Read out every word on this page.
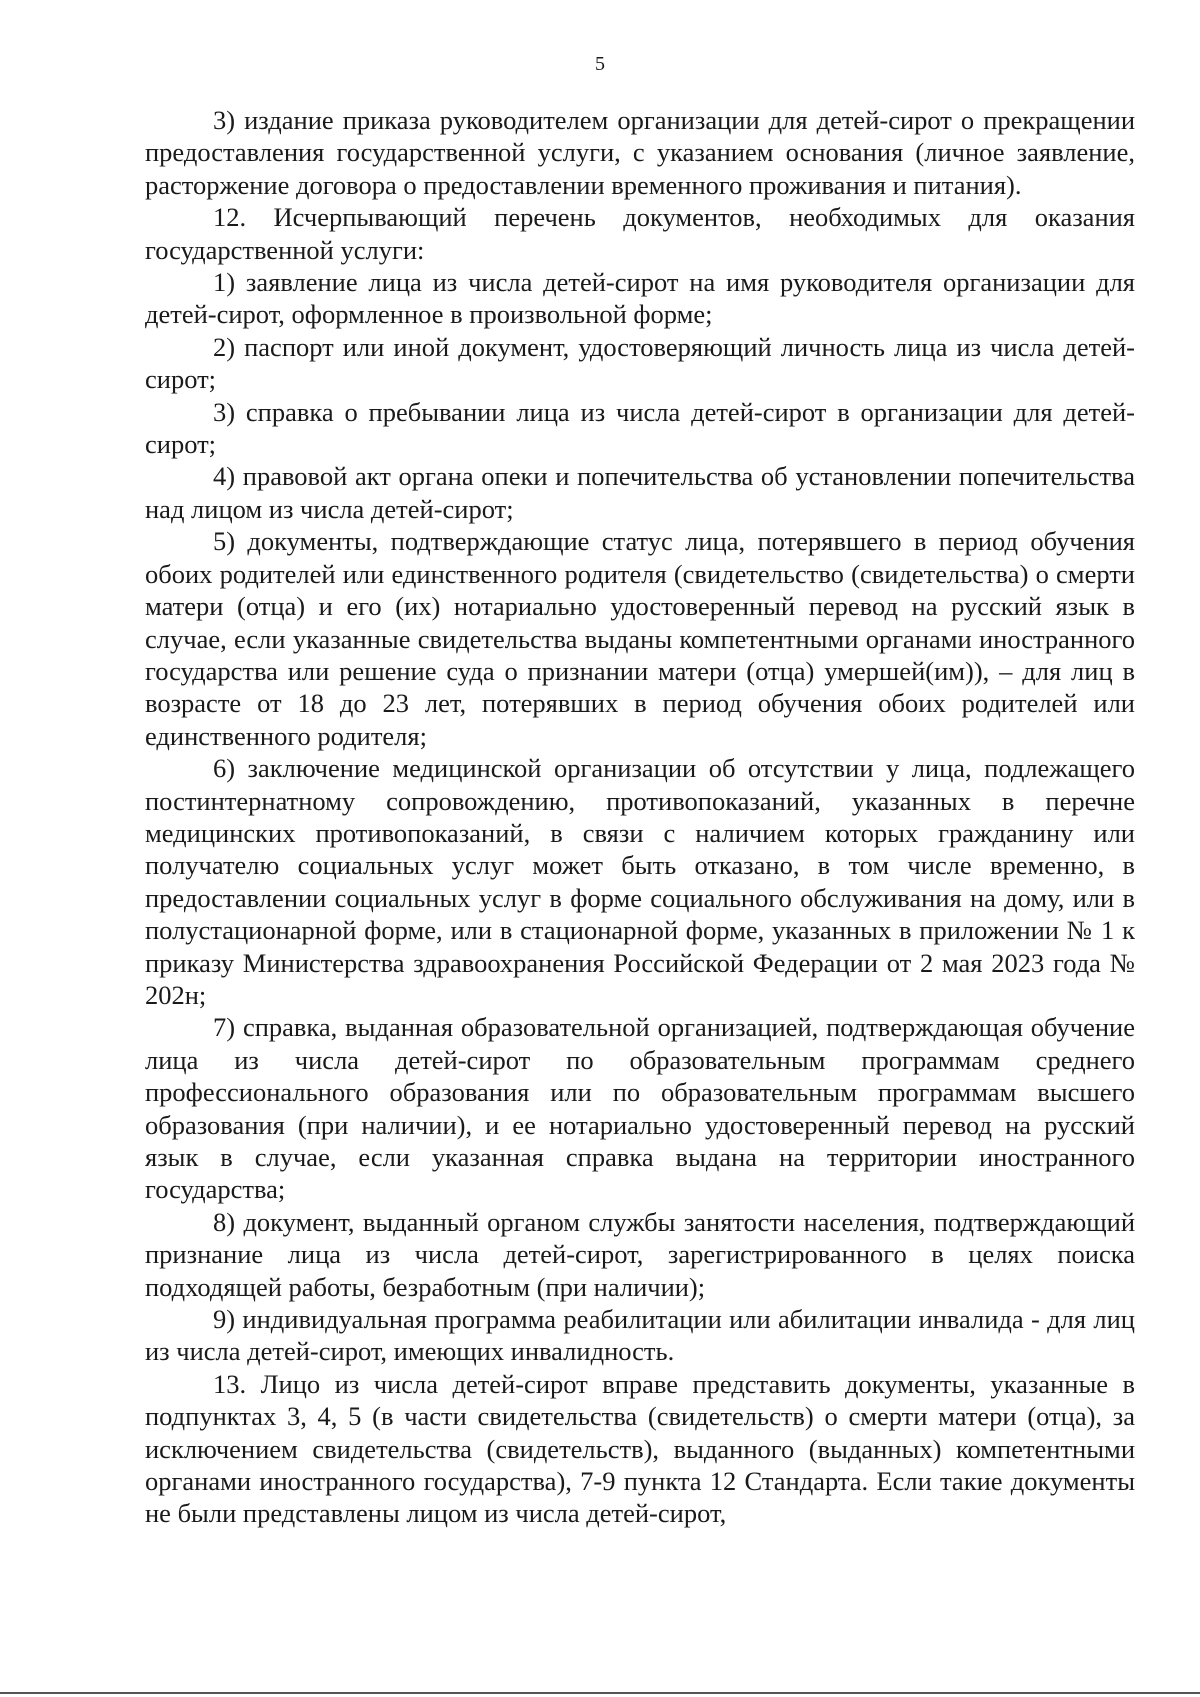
5

3) издание приказа руководителем организации для детей-сирот о прекращении предоставления государственной услуги, с указанием основания (личное заявление, расторжение договора о предоставлении временного проживания и питания).

12. Исчерпывающий перечень документов, необходимых для оказания государственной услуги:

1) заявление лица из числа детей-сирот на имя руководителя организации для детей-сирот, оформленное в произвольной форме;

2) паспорт или иной документ, удостоверяющий личность лица из числа детей-сирот;

3) справка о пребывании лица из числа детей-сирот в организации для детей-сирот;

4) правовой акт органа опеки и попечительства об установлении попечительства над лицом из числа детей-сирот;

5) документы, подтверждающие статус лица, потерявшего в период обучения обоих родителей или единственного родителя (свидетельство (свидетельства) о смерти матери (отца) и его (их) нотариально удостоверенный перевод на русский язык в случае, если указанные свидетельства выданы компетентными органами иностранного государства или решение суда о признании матери (отца) умершей(им)), – для лиц в возрасте от 18 до 23 лет, потерявших в период обучения обоих родителей или единственного родителя;

6) заключение медицинской организации об отсутствии у лица, подлежащего постинтернатному сопровождению, противопоказаний, указанных в перечне медицинских противопоказаний, в связи с наличием которых гражданину или получателю социальных услуг может быть отказано, в том числе временно, в предоставлении социальных услуг в форме социального обслуживания на дому, или в полустационарной форме, или в стационарной форме, указанных в приложении № 1 к приказу Министерства здравоохранения Российской Федерации от 2 мая 2023 года № 202н;

7) справка, выданная образовательной организацией, подтверждающая обучение лица из числа детей-сирот по образовательным программам среднего профессионального образования или по образовательным программам высшего образования (при наличии), и ее нотариально удостоверенный перевод на русский язык в случае, если указанная справка выдана на территории иностранного государства;

8) документ, выданный органом службы занятости населения, подтверждающий признание лица из числа детей-сирот, зарегистрированного в целях поиска подходящей работы, безработным (при наличии);

9) индивидуальная программа реабилитации или абилитации инвалида - для лиц из числа детей-сирот, имеющих инвалидность.

13. Лицо из числа детей-сирот вправе представить документы, указанные в подпунктах 3, 4, 5 (в части свидетельства (свидетельств) о смерти матери (отца), за исключением свидетельства (свидетельств), выданного (выданных) компетентными органами иностранного государства), 7-9 пункта 12 Стандарта. Если такие документы не были представлены лицом из числа детей-сирот,
